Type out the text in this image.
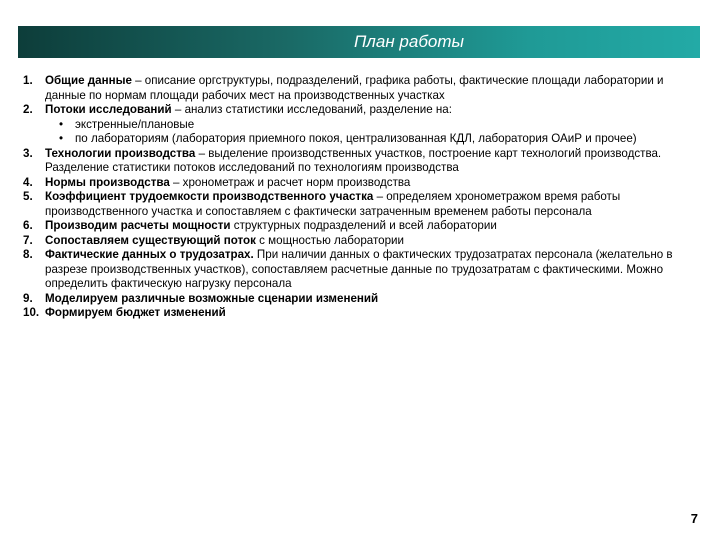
План работы
1.	Общие данные – описание оргструктуры, подразделений, графика работы, фактические площади лаборатории и данные по нормам площади рабочих мест на производственных участках
2.	Потоки исследований – анализ статистики исследований, разделение на:
•	экстренные/плановые
•	по лабораториям (лаборатория приемного покоя, централизованная КДЛ, лаборатория ОАиР и прочее)
3.	Технологии производства – выделение производственных участков, построение карт технологий производства. Разделение статистики потоков исследований по технологиям производства
4.	Нормы производства – хронометраж и расчет норм производства
5.	Коэффициент трудоемкости производственного участка – определяем хронометражом время работы производственного участка и сопоставляем с фактически затраченным временем работы персонала
6.	Производим расчеты мощности структурных подразделений и всей лаборатории
7.	Сопоставляем существующий поток с мощностью лаборатории
8.	Фактические данных о трудозатрах. При наличии данных о фактических трудозатратах персонала (желательно в разрезе производственных участков), сопоставляем расчетные данные по трудозатратам с фактическими. Можно определить фактическую нагрузку персонала
9.	Моделируем различные возможные сценарии изменений
10. Формируем бюджет изменений
7
